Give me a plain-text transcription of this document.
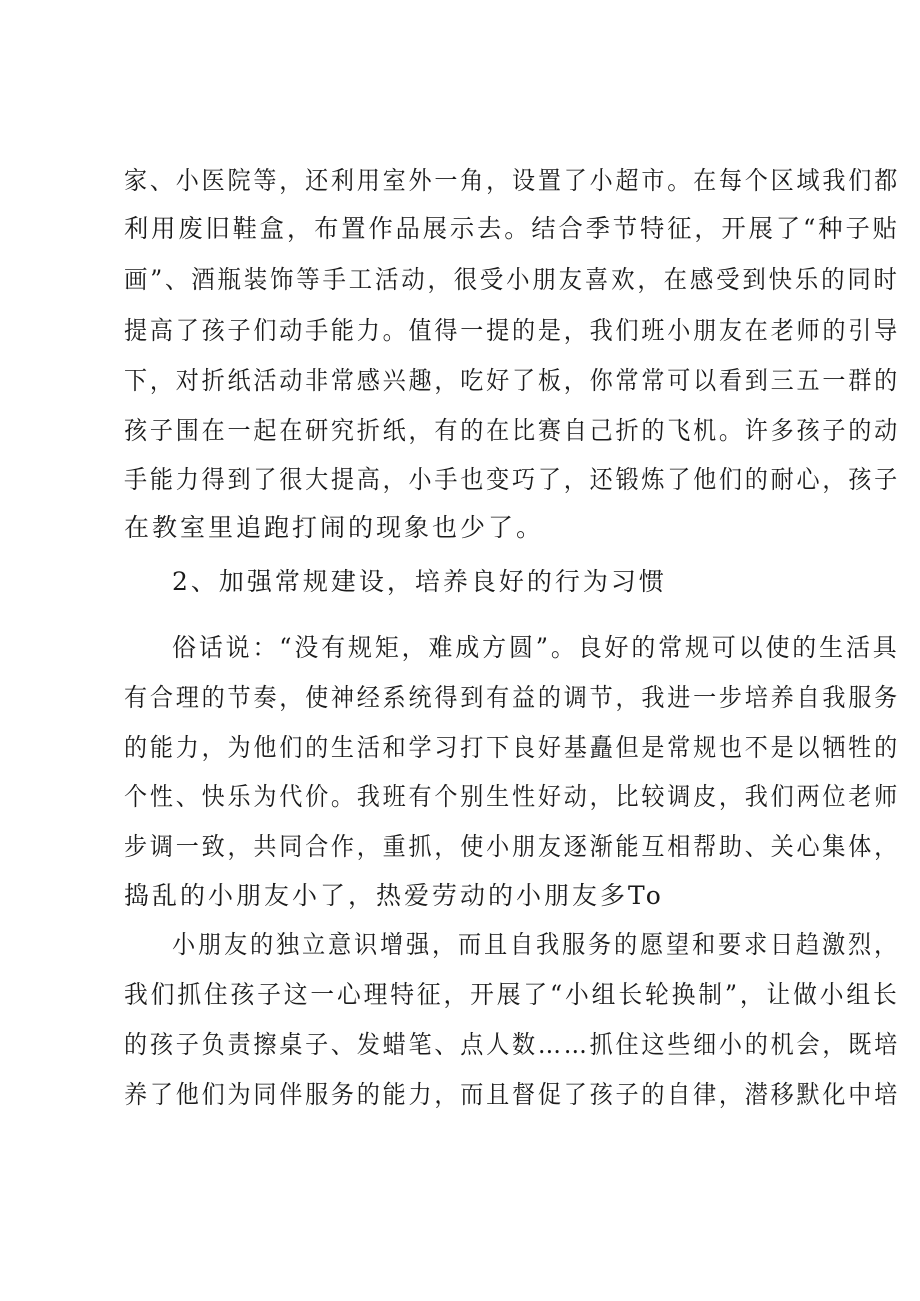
家、小医院等，还利用室外一角，设置了小超市。在每个区域我们都
利用废旧鞋盒，布置作品展示去。结合季节特征，开展了“种子贴
画”、酒瓶装饰等手工活动，很受小朋友喜欢，在感受到快乐的同时
提高了孩子们动手能力。值得一提的是，我们班小朋友在老师的引导
下，对折纸活动非常感兴趣，吃好了板，你常常可以看到三五一群的
孩子围在一起在研究折纸，有的在比赛自己折的飞机。许多孩子的动
手能力得到了很大提高，小手也变巧了，还锻炼了他们的耐心，孩子
在教室里追跑打闹的现象也少了。
2、加强常规建设，培养良好的行为习惯
俗话说：“没有规矩，难成方圆”。良好的常规可以使的生活具
有合理的节奏，使神经系统得到有益的调节，我进一步培养自我服务
的能力，为他们的生活和学习打下良好基矗但是常规也不是以牺牲的
个性、快乐为代价。我班有个别生性好动，比较调皮，我们两位老师
步调一致，共同合作，重抓，使小朋友逐渐能互相帮助、关心集体，
捣乱的小朋友小了，热爱劳动的小朋友多To
小朋友的独立意识增强，而且自我服务的愿望和要求日趋激烈，
我们抓住孩子这一心理特征，开展了“小组长轮换制”，让做小组长
的孩子负责擦桌子、发蜡笔、点人数……抓住这些细小的机会，既培
养了他们为同伴服务的能力，而且督促了孩子的自律，潜移默化中培
